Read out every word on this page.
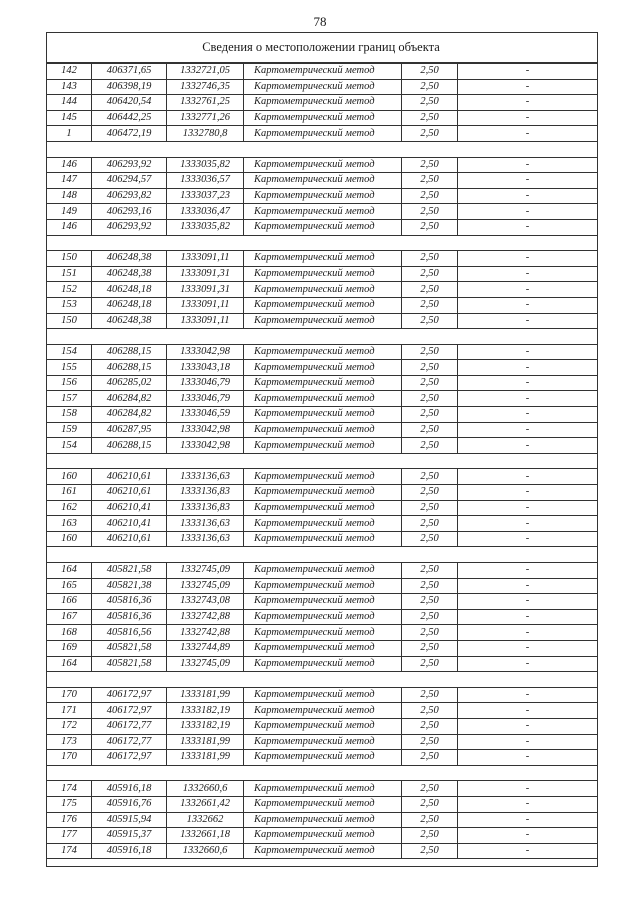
78
Сведения о местоположении границ объекта
142	406371,65	1332721,05	Картометрический метод	2,50	-
143	406398,19	1332746,35	Картометрический метод	2,50	-
144	406420,54	1332761,25	Картометрический метод	2,50	-
145	406442,25	1332771,26	Картометрический метод	2,50	-
1	406472,19	1332780,8	Картометрический метод	2,50	-

146	406293,92	1333035,82	Картометрический метод	2,50	-
147	406294,57	1333036,57	Картометрический метод	2,50	-
148	406293,82	1333037,23	Картометрический метод	2,50	-
149	406293,16	1333036,47	Картометрический метод	2,50	-
146	406293,92	1333035,82	Картометрический метод	2,50	-

150	406248,38	1333091,11	Картометрический метод	2,50	-
151	406248,38	1333091,31	Картометрический метод	2,50	-
152	406248,18	1333091,31	Картометрический метод	2,50	-
153	406248,18	1333091,11	Картометрический метод	2,50	-
150	406248,38	1333091,11	Картометрический метод	2,50	-

154	406288,15	1333042,98	Картометрический метод	2,50	-
155	406288,15	1333043,18	Картометрический метод	2,50	-
156	406285,02	1333046,79	Картометрический метод	2,50	-
157	406284,82	1333046,79	Картометрический метод	2,50	-
158	406284,82	1333046,59	Картометрический метод	2,50	-
159	406287,95	1333042,98	Картометрический метод	2,50	-
154	406288,15	1333042,98	Картометрический метод	2,50	-

160	406210,61	1333136,63	Картометрический метод	2,50	-
161	406210,61	1333136,83	Картометрический метод	2,50	-
162	406210,41	1333136,83	Картометрический метод	2,50	-
163	406210,41	1333136,63	Картометрический метод	2,50	-
160	406210,61	1333136,63	Картометрический метод	2,50	-

164	405821,58	1332745,09	Картометрический метод	2,50	-
165	405821,38	1332745,09	Картометрический метод	2,50	-
166	405816,36	1332743,08	Картометрический метод	2,50	-
167	405816,36	1332742,88	Картометрический метод	2,50	-
168	405816,56	1332742,88	Картометрический метод	2,50	-
169	405821,58	1332744,89	Картометрический метод	2,50	-
164	405821,58	1332745,09	Картометрический метод	2,50	-

170	406172,97	1333181,99	Картометрический метод	2,50	-
171	406172,97	1333182,19	Картометрический метод	2,50	-
172	406172,77	1333182,19	Картометрический метод	2,50	-
173	406172,77	1333181,99	Картометрический метод	2,50	-
170	406172,97	1333181,99	Картометрический метод	2,50	-

174	405916,18	1332660,6	Картометрический метод	2,50	-
175	405916,76	1332661,42	Картометрический метод	2,50	-
176	405915,94	1332662	Картометрический метод	2,50	-
177	405915,37	1332661,18	Картометрический метод	2,50	-
174	405916,18	1332660,6	Картометрический метод	2,50	-
